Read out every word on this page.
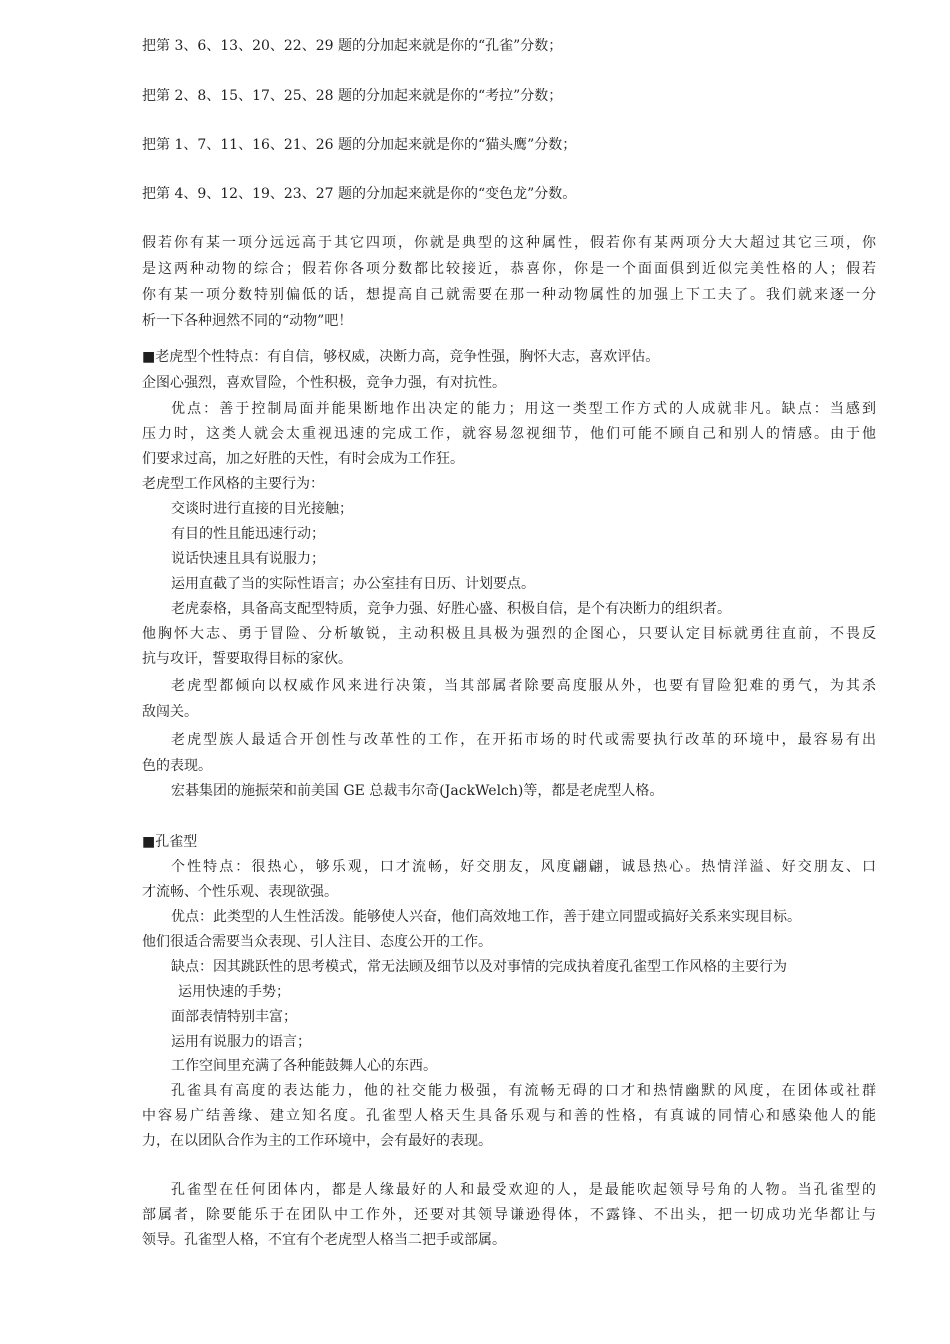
把第 3、6、13、20、22、29 题的分加起来就是你的“孔雀”分数；
把第 2、8、15、17、25、28 题的分加起来就是你的“考拉”分数；
把第 1、7、11、16、21、26 题的分加起来就是你的“猫头鹰”分数；
把第 4、9、12、19、23、27 题的分加起来就是你的“变色龙”分数。
假若你有某一项分远远高于其它四项，你就是典型的这种属性，假若你有某两项分大大超过其它三项，你
是这两种动物的综合；假若你各项分数都比较接近，恭喜你，你是一个面面俱到近似完美性格的人；假若
你有某一项分数特别偏低的话，想提高自己就需要在那一种动物属性的加强上下工夫了。我们就来逐一分
析一下各种迥然不同的“动物”吧！
■老虎型个性特点：有自信，够权威，决断力高，竞争性强，胸怀大志，喜欢评估。
企图心强烈，喜欢冒险，个性积极，竞争力强，有对抗性。
优点：善于控制局面并能果断地作出决定的能力；用这一类型工作方式的人成就非凡。缺点：当感到
压力时，这类人就会太重视迅速的完成工作，就容易忽视细节，他们可能不顾自己和别人的情感。由于他
们要求过高，加之好胜的天性，有时会成为工作狂。
老虎型工作风格的主要行为：
交谈时进行直接的目光接触；
有目的性且能迅速行动；
说话快速且具有说服力；
运用直截了当的实际性语言；办公室挂有日历、计划要点。
老虎泰格，具备高支配型特质，竞争力强、好胜心盛、积极自信，是个有决断力的组织者。
他胸怀大志、勇于冒险、分析敏锐，主动积极且具极为强烈的企图心，只要认定目标就勇往直前，不畏反
抗与攻讦，誓要取得目标的家伙。
老虎型都倾向以权威作风来进行决策，当其部属者除要高度服从外，也要有冒险犯难的勇气，为其杀
敌闯关。
老虎型族人最适合开创性与改革性的工作，在开拓市场的时代或需要执行改革的环境中，最容易有出
色的表现。
宏碁集团的施振荣和前美国 GE 总裁韦尔奇(JackWelch)等，都是老虎型人格。
■孔雀型
个性特点：很热心，够乐观，口才流畅，好交朋友，风度翩翩，诚恳热心。热情洋溢、好交朋友、口
才流畅、个性乐观、表现欲强。
优点：此类型的人生性活泼。能够使人兴奋，他们高效地工作，善于建立同盟或搞好关系来实现目标。
他们很适合需要当众表现、引人注目、态度公开的工作。
缺点：因其跳跃性的思考模式，常无法顾及细节以及对事情的完成执着度孔雀型工作风格的主要行为
运用快速的手势；
面部表情特别丰富；
运用有说服力的语言；
工作空间里充满了各种能鼓舞人心的东西。
孔雀具有高度的表达能力，他的社交能力极强，有流畅无碍的口才和热情幽默的风度，在团体或社群
中容易广结善缘、建立知名度。孔雀型人格天生具备乐观与和善的性格，有真诚的同情心和感染他人的能
力，在以团队合作为主的工作环境中，会有最好的表现。
孔雀型在任何团体内，都是人缘最好的人和最受欢迎的人，是最能吹起领导号角的人物。当孔雀型的
部属者，除要能乐于在团队中工作外，还要对其领导谦逊得体，不露锋、不出头，把一切成功光华都让与
领导。孔雀型人格，不宜有个老虎型人格当二把手或部属。
